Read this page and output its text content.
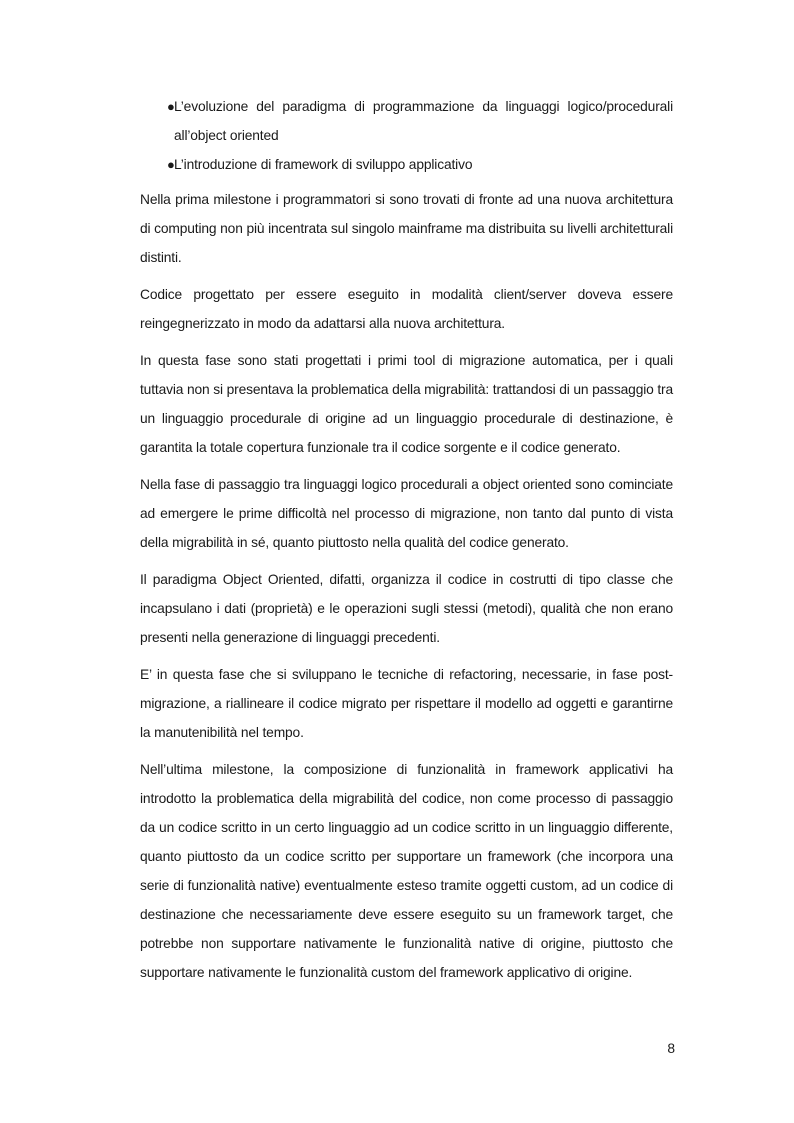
● L’evoluzione del paradigma di programmazione da linguaggi logico/procedurali all’object oriented
● L’introduzione di framework di sviluppo applicativo

Nella prima milestone i programmatori si sono trovati di fronte ad una nuova architettura di computing non più incentrata sul singolo mainframe ma distribuita su livelli architetturali distinti.

Codice progettato per essere eseguito in modalità client/server doveva essere reingegnerizzato in modo da adattarsi alla nuova architettura.

In questa fase sono stati progettati i primi tool di migrazione automatica, per i quali tuttavia non si presentava la problematica della migrabilità: trattandosi di un passaggio tra un linguaggio procedurale di origine ad un linguaggio procedurale di destinazione, è garantita la totale copertura funzionale tra il codice sorgente e il codice generato.

Nella fase di passaggio tra linguaggi logico procedurali a object oriented sono cominciate ad emergere le prime difficoltà nel processo di migrazione, non tanto dal punto di vista della migrabilità in sé, quanto piuttosto nella qualità del codice generato.

Il paradigma Object Oriented, difatti, organizza il codice in costrutti di tipo classe che incapsulano i dati (proprietà) e le operazioni sugli stessi (metodi), qualità che non erano presenti nella generazione di linguaggi precedenti.

E’ in questa fase che si sviluppano le tecniche di refactoring, necessarie, in fase post-migrazione, a riallineare il codice migrato per rispettare il modello ad oggetti e garantirne la manutenibilità nel tempo.

Nell’ultima milestone, la composizione di funzionalità in framework applicativi ha introdotto la problematica della migrabilità del codice, non come processo di passaggio da un codice scritto in un certo linguaggio ad un codice scritto in un linguaggio differente, quanto piuttosto da un codice scritto per supportare un framework (che incorpora una serie di funzionalità native) eventualmente esteso tramite oggetti custom, ad un codice di destinazione che necessariamente deve essere eseguito su un framework target, che potrebbe non supportare nativamente le funzionalità native di origine, piuttosto che supportare nativamente le funzionalità custom del framework applicativo di origine.

8
